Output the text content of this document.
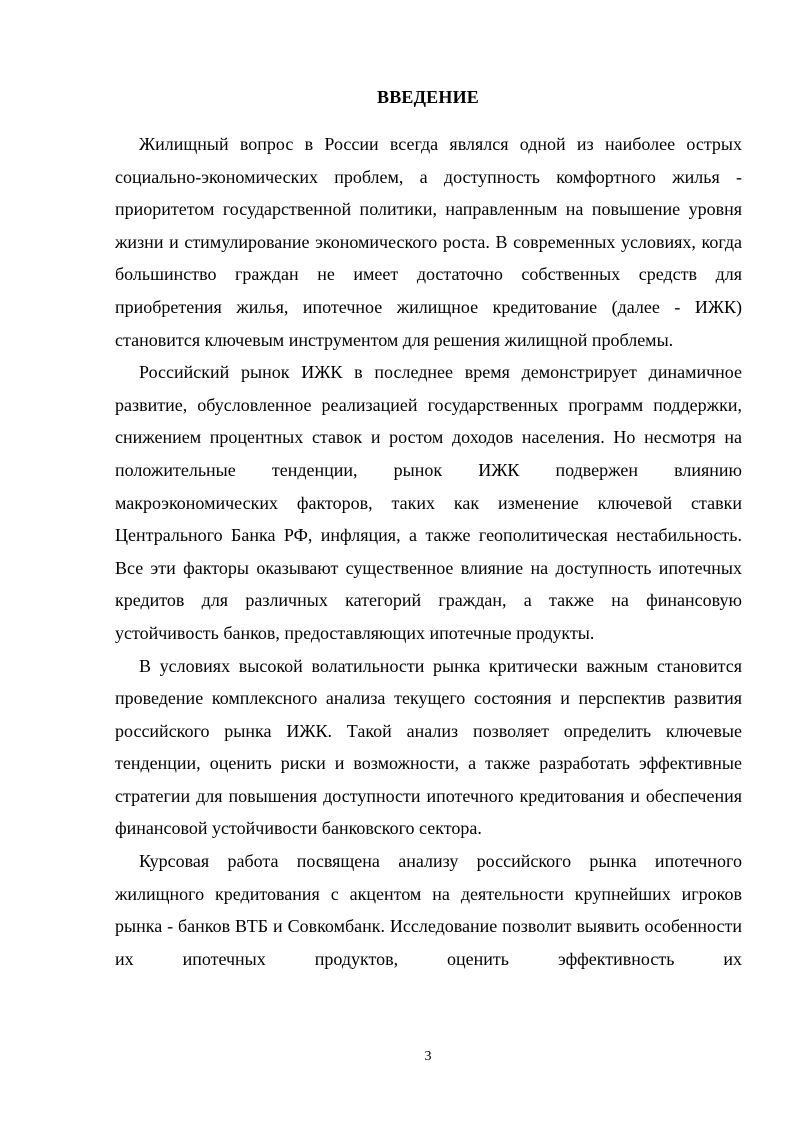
ВВЕДЕНИЕ

Жилищный вопрос в России всегда являлся одной из наиболее острых социально-экономических проблем, а доступность комфортного жилья - приоритетом государственной политики, направленным на повышение уровня жизни и стимулирование экономического роста. В современных условиях, когда большинство граждан не имеет достаточно собственных средств для приобретения жилья, ипотечное жилищное кредитование (далее - ИЖК) становится ключевым инструментом для решения жилищной проблемы.

Российский рынок ИЖК в последнее время демонстрирует динамичное развитие, обусловленное реализацией государственных программ поддержки, снижением процентных ставок и ростом доходов населения. Но несмотря на положительные тенденции, рынок ИЖК подвержен влиянию макроэкономических факторов, таких как изменение ключевой ставки Центрального Банка РФ, инфляция, а также геополитическая нестабильность. Все эти факторы оказывают существенное влияние на доступность ипотечных кредитов для различных категорий граждан, а также на финансовую устойчивость банков, предоставляющих ипотечные продукты.

В условиях высокой волатильности рынка критически важным становится проведение комплексного анализа текущего состояния и перспектив развития российского рынка ИЖК. Такой анализ позволяет определить ключевые тенденции, оценить риски и возможности, а также разработать эффективные стратегии для повышения доступности ипотечного кредитования и обеспечения финансовой устойчивости банковского сектора.

Курсовая работа посвящена анализу российского рынка ипотечного жилищного кредитования с акцентом на деятельности крупнейших игроков рынка - банков ВТБ и Совкомбанк. Исследование позволит выявить особенности их ипотечных продуктов, оценить эффективность их

3
